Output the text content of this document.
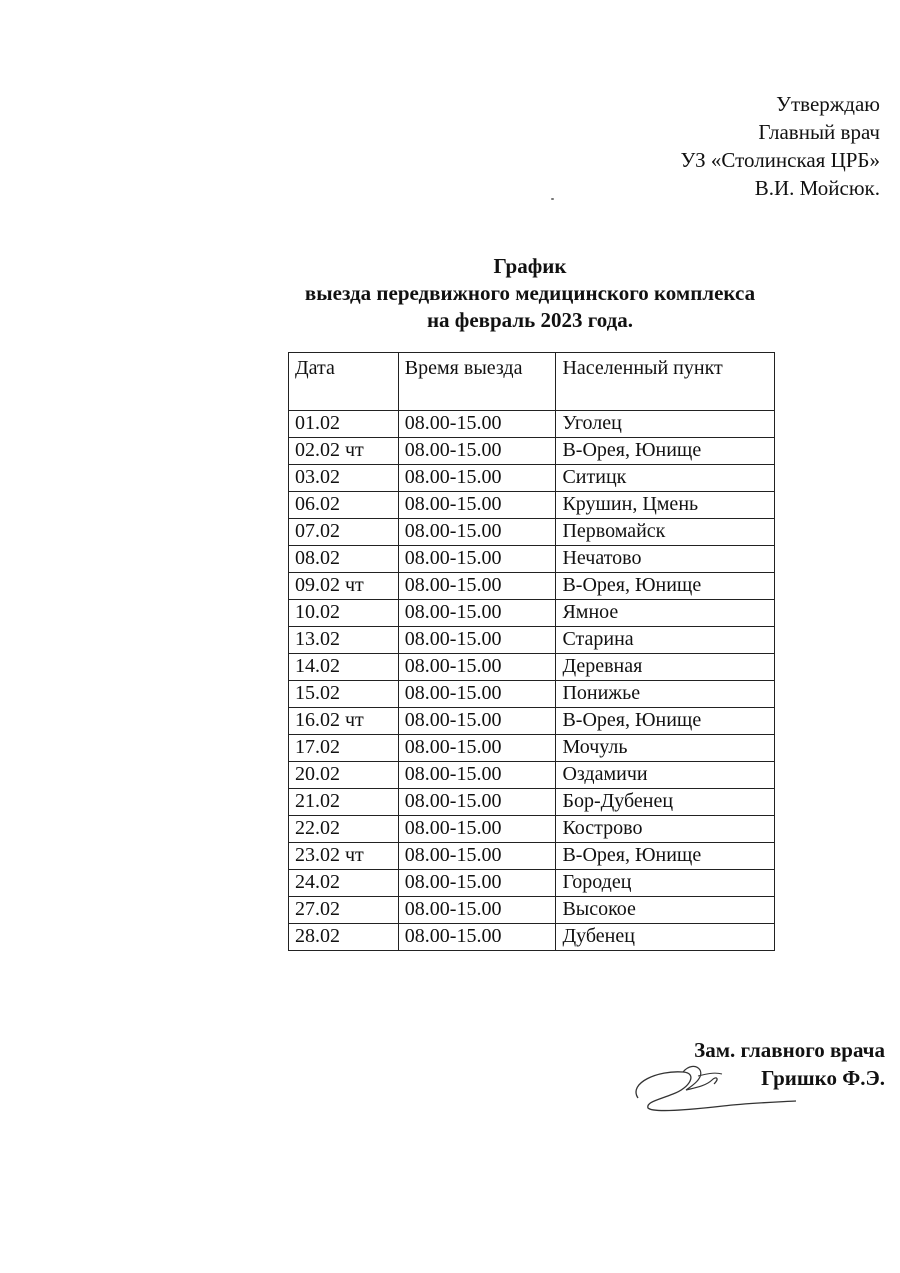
Утверждаю
Главный врач
УЗ «Столинская ЦРБ»
В.И. Мойсюк.
График
выезда передвижного медицинского комплекса
на февраль 2023 года.
Дата	Время выезда	Населенный пункт
01.02	08.00-15.00	Уголец
02.02 чт	08.00-15.00	В-Орея, Юнище
03.02	08.00-15.00	Ситицк
06.02	08.00-15.00	Крушин, Цмень
07.02	08.00-15.00	Первомайск
08.02	08.00-15.00	Нечатово
09.02 чт	08.00-15.00	В-Орея, Юнище
10.02	08.00-15.00	Ямное
13.02	08.00-15.00	Старина
14.02	08.00-15.00	Деревная
15.02	08.00-15.00	Понижье
16.02 чт	08.00-15.00	В-Орея, Юнище
17.02	08.00-15.00	Мочуль
20.02	08.00-15.00	Оздамичи
21.02	08.00-15.00	Бор-Дубенец
22.02	08.00-15.00	Кострово
23.02 чт	08.00-15.00	В-Орея, Юнище
24.02	08.00-15.00	Городец
27.02	08.00-15.00	Высокое
28.02	08.00-15.00	Дубенец
Зам. главного врача
Гришко Ф.Э.
